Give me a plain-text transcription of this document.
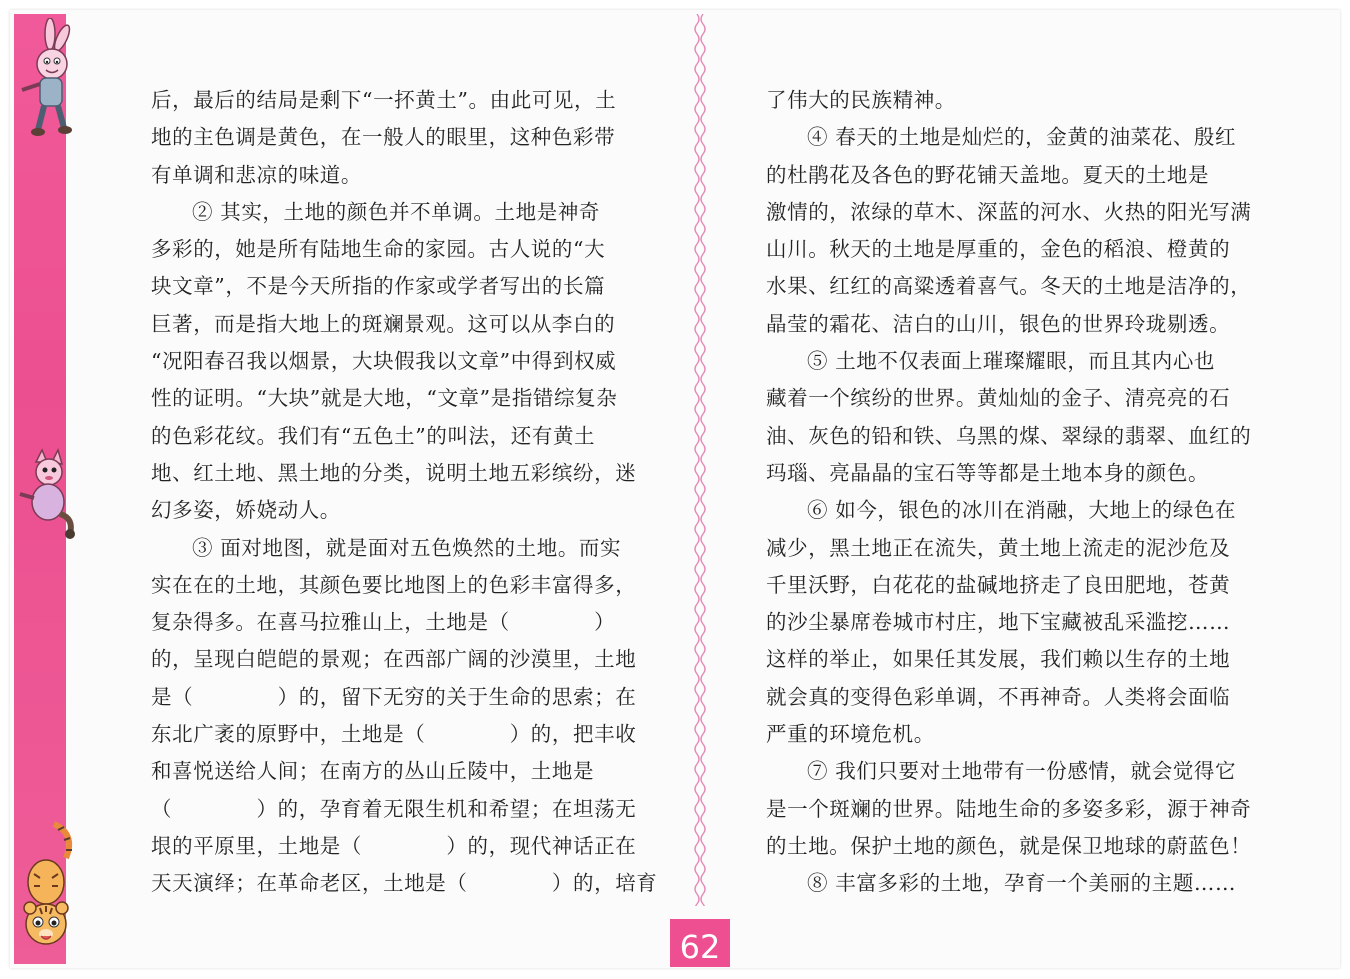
后，最后的结局是剩下“一抔黄土”。由此可见，土
地的主色调是黄色，在一般人的眼里，这种色彩带
有单调和悲凉的味道。
② 其实，土地的颜色并不单调。土地是神奇
多彩的，她是所有陆地生命的家园。古人说的“大
块文章”，不是今天所指的作家或学者写出的长篇
巨著，而是指大地上的斑斓景观。这可以从李白的
“况阳春召我以烟景，大块假我以文章”中得到权威
性的证明。“大块”就是大地，“文章”是指错综复杂
的色彩花纹。我们有“五色土”的叫法，还有黄土
地、红土地、黑土地的分类，说明土地五彩缤纷，迷
幻多姿，娇娆动人。
③ 面对地图，就是面对五色焕然的土地。而实
实在在的土地，其颜色要比地图上的色彩丰富得多，
复杂得多。在喜马拉雅山上，土地是（　　　　）
的，呈现白皑皑的景观；在西部广阔的沙漠里，土地
是（　　　　）的，留下无穷的关于生命的思索；在
东北广袤的原野中，土地是（　　　　）的，把丰收
和喜悦送给人间；在南方的丛山丘陵中，土地是
（　　　　）的，孕育着无限生机和希望；在坦荡无
垠的平原里，土地是（　　　　）的，现代神话正在
天天演绎；在革命老区，土地是（　　　　）的，培育
了伟大的民族精神。
④ 春天的土地是灿烂的，金黄的油菜花、殷红
的杜鹃花及各色的野花铺天盖地。夏天的土地是
激情的，浓绿的草木、深蓝的河水、火热的阳光写满
山川。秋天的土地是厚重的，金色的稻浪、橙黄的
水果、红红的高粱透着喜气。冬天的土地是洁净的，
晶莹的霜花、洁白的山川，银色的世界玲珑剔透。
⑤ 土地不仅表面上璀璨耀眼，而且其内心也
藏着一个缤纷的世界。黄灿灿的金子、清亮亮的石
油、灰色的铅和铁、乌黑的煤、翠绿的翡翠、血红的
玛瑙、亮晶晶的宝石等等都是土地本身的颜色。
⑥ 如今，银色的冰川在消融，大地上的绿色在
减少，黑土地正在流失，黄土地上流走的泥沙危及
千里沃野，白花花的盐碱地挤走了良田肥地，苍黄
的沙尘暴席卷城市村庄，地下宝藏被乱采滥挖……
这样的举止，如果任其发展，我们赖以生存的土地
就会真的变得色彩单调，不再神奇。人类将会面临
严重的环境危机。
⑦ 我们只要对土地带有一份感情，就会觉得它
是一个斑斓的世界。陆地生命的多姿多彩，源于神奇
的土地。保护土地的颜色，就是保卫地球的蔚蓝色！
⑧ 丰富多彩的土地，孕育一个美丽的主题……
62
